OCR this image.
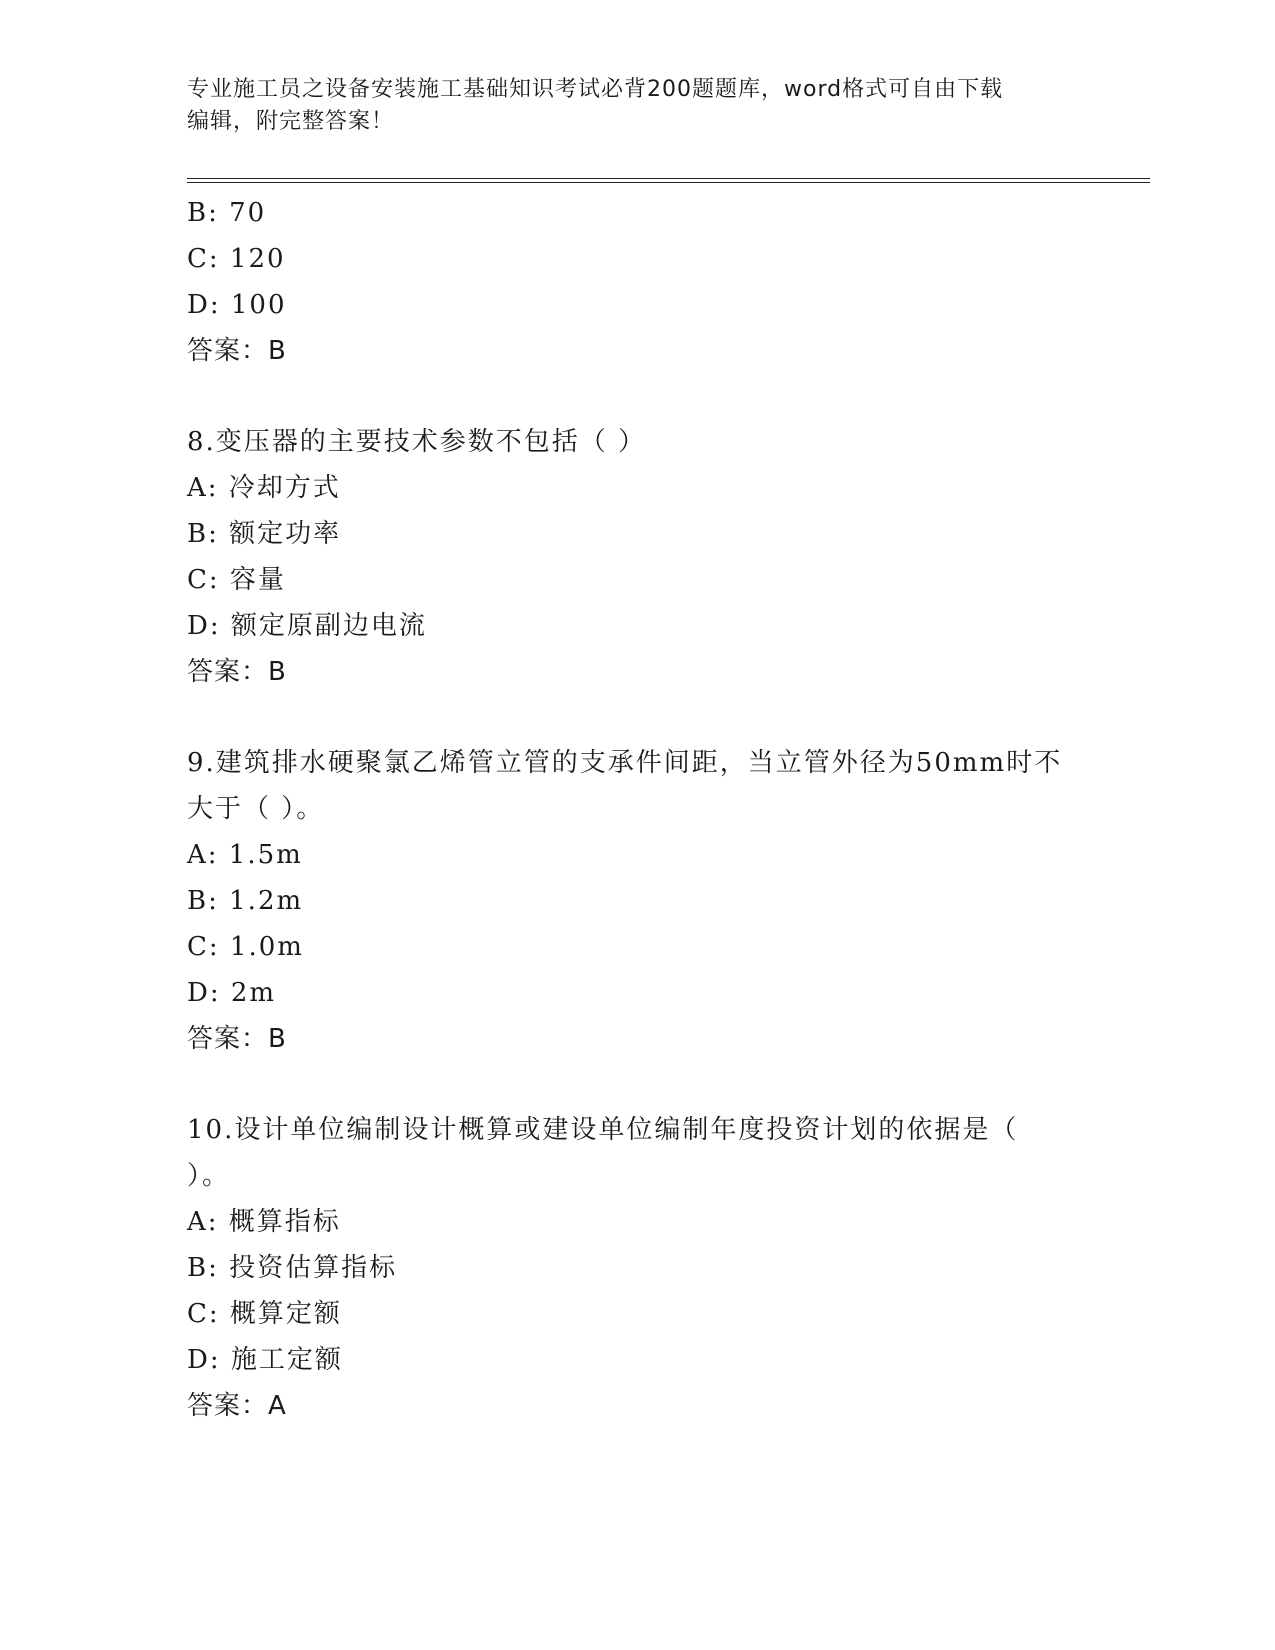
专业施工员之设备安装施工基础知识考试必背200题题库，word格式可自由下载
编辑，附完整答案！
B: 70
C: 120
D: 100
答案：B
8.变压器的主要技术参数不包括（ ）
A: 冷却方式
B: 额定功率
C: 容量
D: 额定原副边电流
答案：B
9.建筑排水硬聚氯乙烯管立管的支承件间距，当立管外径为50mm时不
大于（ ）。
A: 1.5m
B: 1.2m
C: 1.0m
D: 2m
答案：B
10.设计单位编制设计概算或建设单位编制年度投资计划的依据是（
）。
A: 概算指标
B: 投资估算指标
C: 概算定额
D: 施工定额
答案：A
